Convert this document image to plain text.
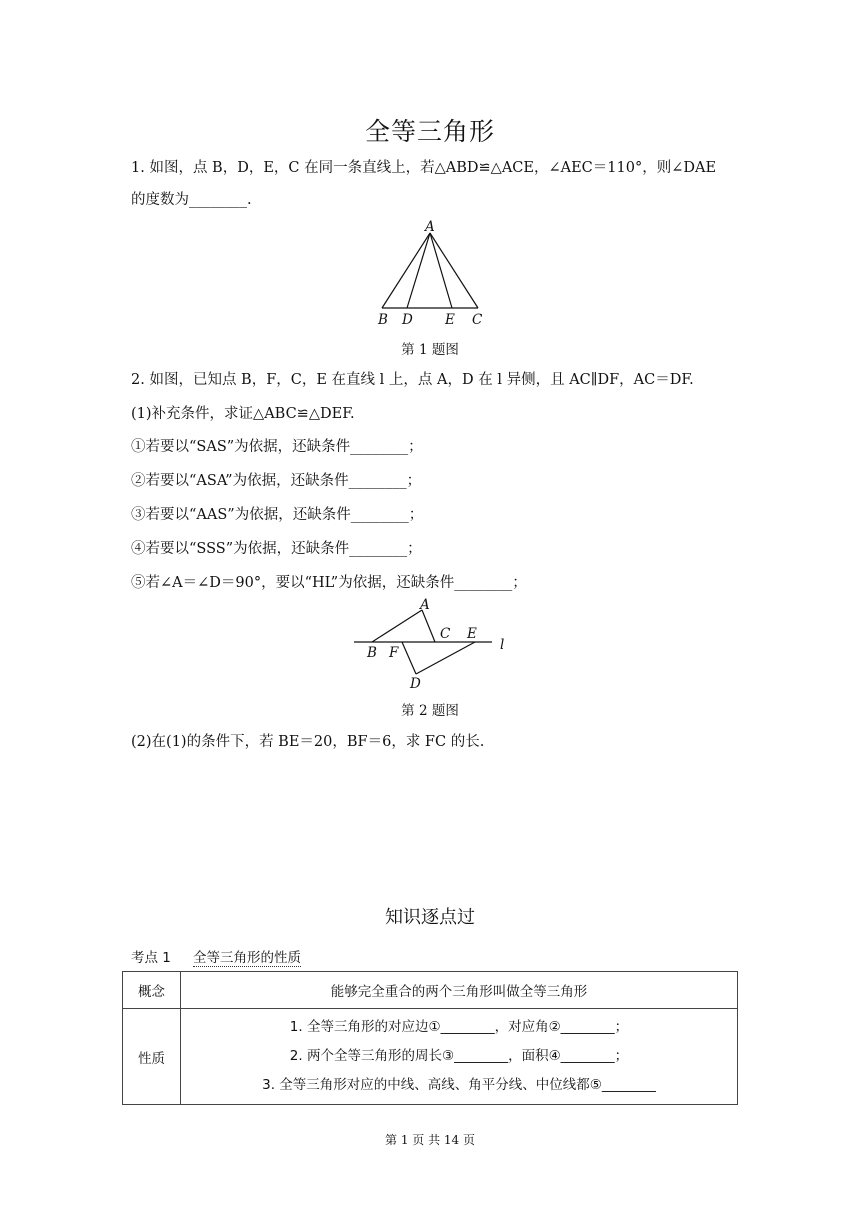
全等三角形
1. 如图，点 B，D，E，C 在同一条直线上，若△ABD≌△ACE，∠AEC＝110°，则∠DAE
的度数为________.
A
B D E C
第 1 题图
2. 如图，已知点 B，F，C，E 在直线 l 上，点 A，D 在 l 异侧，且 AC∥DF，AC＝DF.
(1)补充条件，求证△ABC≌△DEF.
①若要以“SAS”为依据，还缺条件________；
②若要以“ASA”为依据，还缺条件________；
③若要以“AAS”为依据，还缺条件________；
④若要以“SSS”为依据，还缺条件________；
⑤若∠A＝∠D＝90°，要以“HL”为依据，还缺条件________；
A
B F
C E
l
D
第 2 题图
(2)在(1)的条件下，若 BE＝20，BF＝6，求 FC 的长.
知识逐点过
考点 1 全等三角形的性质
概念	能够完全重合的两个三角形叫做全等三角形
性质	1. 全等三角形的对应边①________，对应角②________；
2. 两个全等三角形的周长③________，面积④________；
3. 全等三角形对应的中线、高线、角平分线、中位线都⑤________
第 1 页 共 14 页
